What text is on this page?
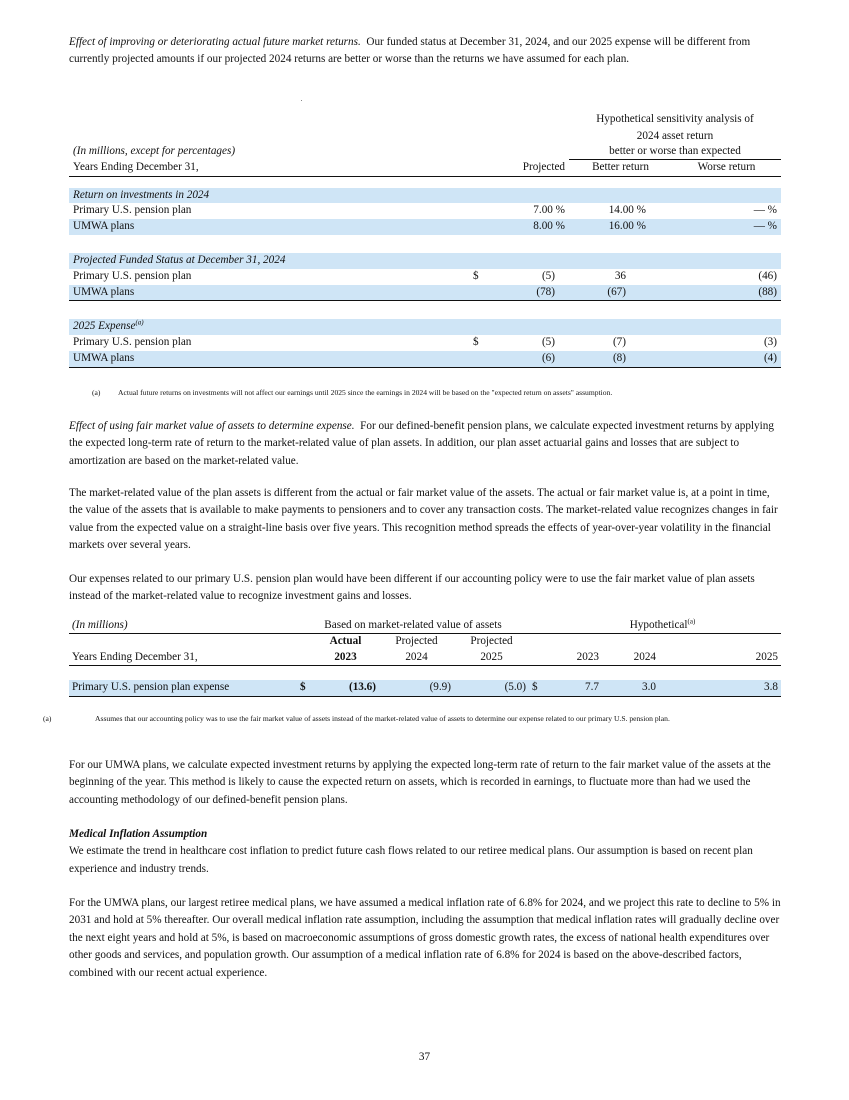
Effect of improving or deteriorating actual future market returns. Our funded status at December 31, 2024, and our 2025 expense will be different from currently projected amounts if our projected 2024 returns are better or worse than the returns we have assumed for each plan.

			Hypothetical sensitivity analysis of	
			2024 asset return	
(In millions, except for percentages)			better or worse than expected	
Years Ending December 31,		Projected	Better return	Worse return

Return on investments in 2024				
Primary U.S. pension plan		7.00 %	14.00 %	— %
UMWA plans		8.00 %	16.00 %	— %

Projected Funded Status at December 31, 2024				
Primary U.S. pension plan	$	(5)	36	(46)
UMWA plans		(78)	(67)	(88)

2025 Expense$^{(a)}$
Primary U.S. pension plan	$	(5)	(7)	(3)
UMWA plans		(6)	(8)	(4)
(a) Actual future returns on investments will not affect our earnings until 2025 since the earnings in 2024 will be based on the "expected return on assets" assumption.

Effect of using fair market value of assets to determine expense. For our defined-benefit pension plans, we calculate expected investment returns by applying the expected long-term rate of return to the market-related value of plan assets. In addition, our plan asset actuarial gains and losses that are subject to amortization are based on the market-related value.

The market-related value of the plan assets is different from the actual or fair market value of the assets. The actual or fair market value is, at a point in time, the value of the assets that is available to make payments to pensioners and to cover any transaction costs. The market-related value recognizes changes in fair value from the expected value on a straight-line basis over five years. This recognition method spreads the effects of year-over-year volatility in the financial markets over several years.

Our expenses related to our primary U.S. pension plan would have been different if our accounting policy were to use the fair market value of plan assets instead of the market-related value to recognize investment gains and losses.

(In millions)	Based on market-related value of assets					Hypothetical$^{(a)}$
		Actual	Projected	Projected				
Years Ending December 31,		2023	2024	2025		2023	2024	2025

Primary U.S. pension plan expense	$	(13.6)	(9.9)	(5.0)	$	7.7	3.0	3.8
(a)	Assumes that our accounting policy was to use the fair market value of assets instead of the market-related value of assets to determine our expense related to our primary U.S. pension plan.

For our UMWA plans, we calculate expected investment returns by applying the expected long-term rate of return to the fair market value of the assets at the beginning of the year. This method is likely to cause the expected return on assets, which is recorded in earnings, to fluctuate more than had we used the accounting methodology of our defined-benefit pension plans.

Medical Inflation Assumption
We estimate the trend in healthcare cost inflation to predict future cash flows related to our retiree medical plans. Our assumption is based on recent plan experience and industry trends.

For the UMWA plans, our largest retiree medical plans, we have assumed a medical inflation rate of 6.8% for 2024, and we project this rate to decline to 5% in 2031 and hold at 5% thereafter. Our overall medical inflation rate assumption, including the assumption that medical inflation rates will gradually decline over the next eight years and hold at 5%, is based on macroeconomic assumptions of gross domestic growth rates, the excess of national health expenditures over other goods and services, and population growth. Our assumption of a medical inflation rate of 6.8% for 2024 is based on the above-described factors, combined with our recent actual experience.

37
